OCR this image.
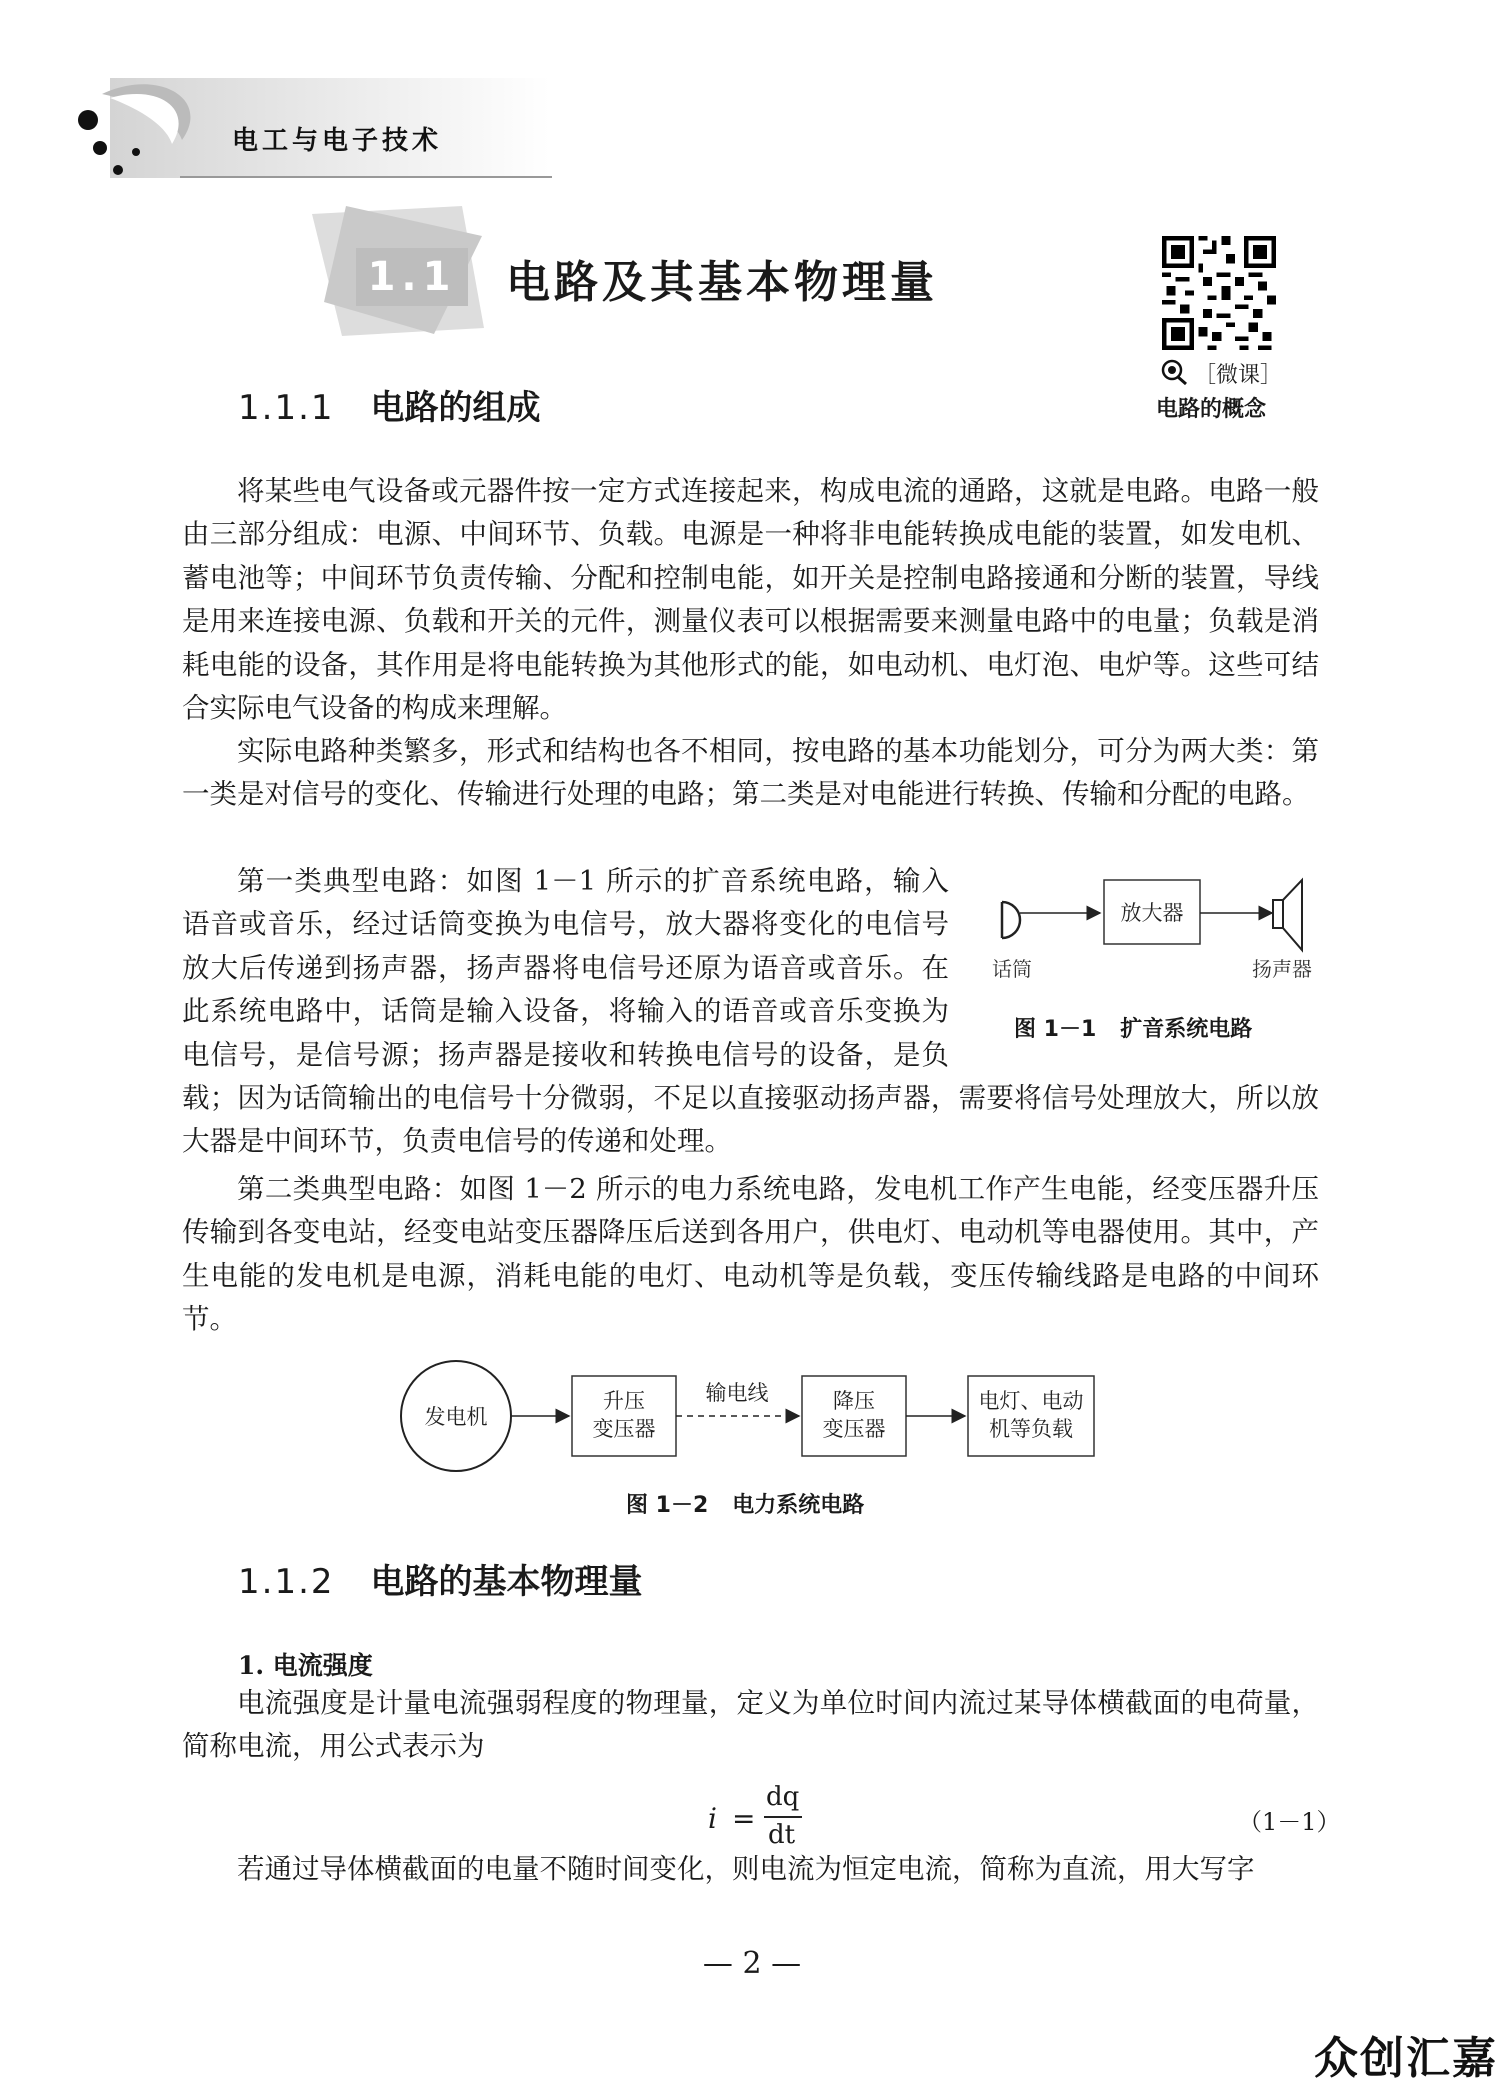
电工与电子技术
1.1 电路及其基本物理量
［微课］
电路的概念
1.1.1 电路的组成

将某些电气设备或元器件按一定方式连接起来，构成电流的通路，这就是电路。电路一般由三部分组成：电源、中间环节、负载。电源是一种将非电能转换成电能的装置，如发电机、蓄电池等；中间环节负责传输、分配和控制电能，如开关是控制电路接通和分断的装置，导线是用来连接电源、负载和开关的元件，测量仪表可以根据需要来测量电路中的电量；负载是消耗电能的设备，其作用是将电能转换为其他形式的能，如电动机、电灯泡、电炉等。这些可结合实际电气设备的构成来理解。

实际电路种类繁多，形式和结构也各不相同，按电路的基本功能划分，可分为两大类：第一类是对信号的变化、传输进行处理的电路；第二类是对电能进行转换、传输和分配的电路。

第一类典型电路：如图 1－1 所示的扩音系统电路，输入语音或音乐，经过话筒变换为电信号，放大器将变化的电信号放大后传递到扬声器，扬声器将电信号还原为语音或音乐。在此系统电路中，话筒是输入设备，将输入的语音或音乐变换为电信号，是信号源；扬声器是接收和转换电信号的设备，是负载；因为话筒输出的电信号十分微弱，不足以直接驱动扬声器，需要将信号处理放大，所以放大器是中间环节，负责电信号的传递和处理。

话筒
放大器
扬声器
图 1－1 扩音系统电路

第二类典型电路：如图 1－2 所示的电力系统电路，发电机工作产生电能，经变压器升压传输到各变电站，经变电站变压器降压后送到各用户，供电灯、电动机等电器使用。其中，产生电能的发电机是电源，消耗电能的电灯、电动机等是负载，变压传输线路是电路的中间环节。

发电机
升压
变压器
输电线	降压
变压器
电灯、电动
机等负载
图 1－2 电力系统电路
1.1.2 电路的基本物理量
1. 电流强度

电流强度是计量电流强弱程度的物理量，定义为单位时间内流过某导体横截面的电荷量，简称电流，用公式表示为

i =
dq
dt	（1－1）

若通过导体横截面的电量不随时间变化，则电流为恒定电流，简称为直流，用大写字

— 2 —
众创汇嘉
